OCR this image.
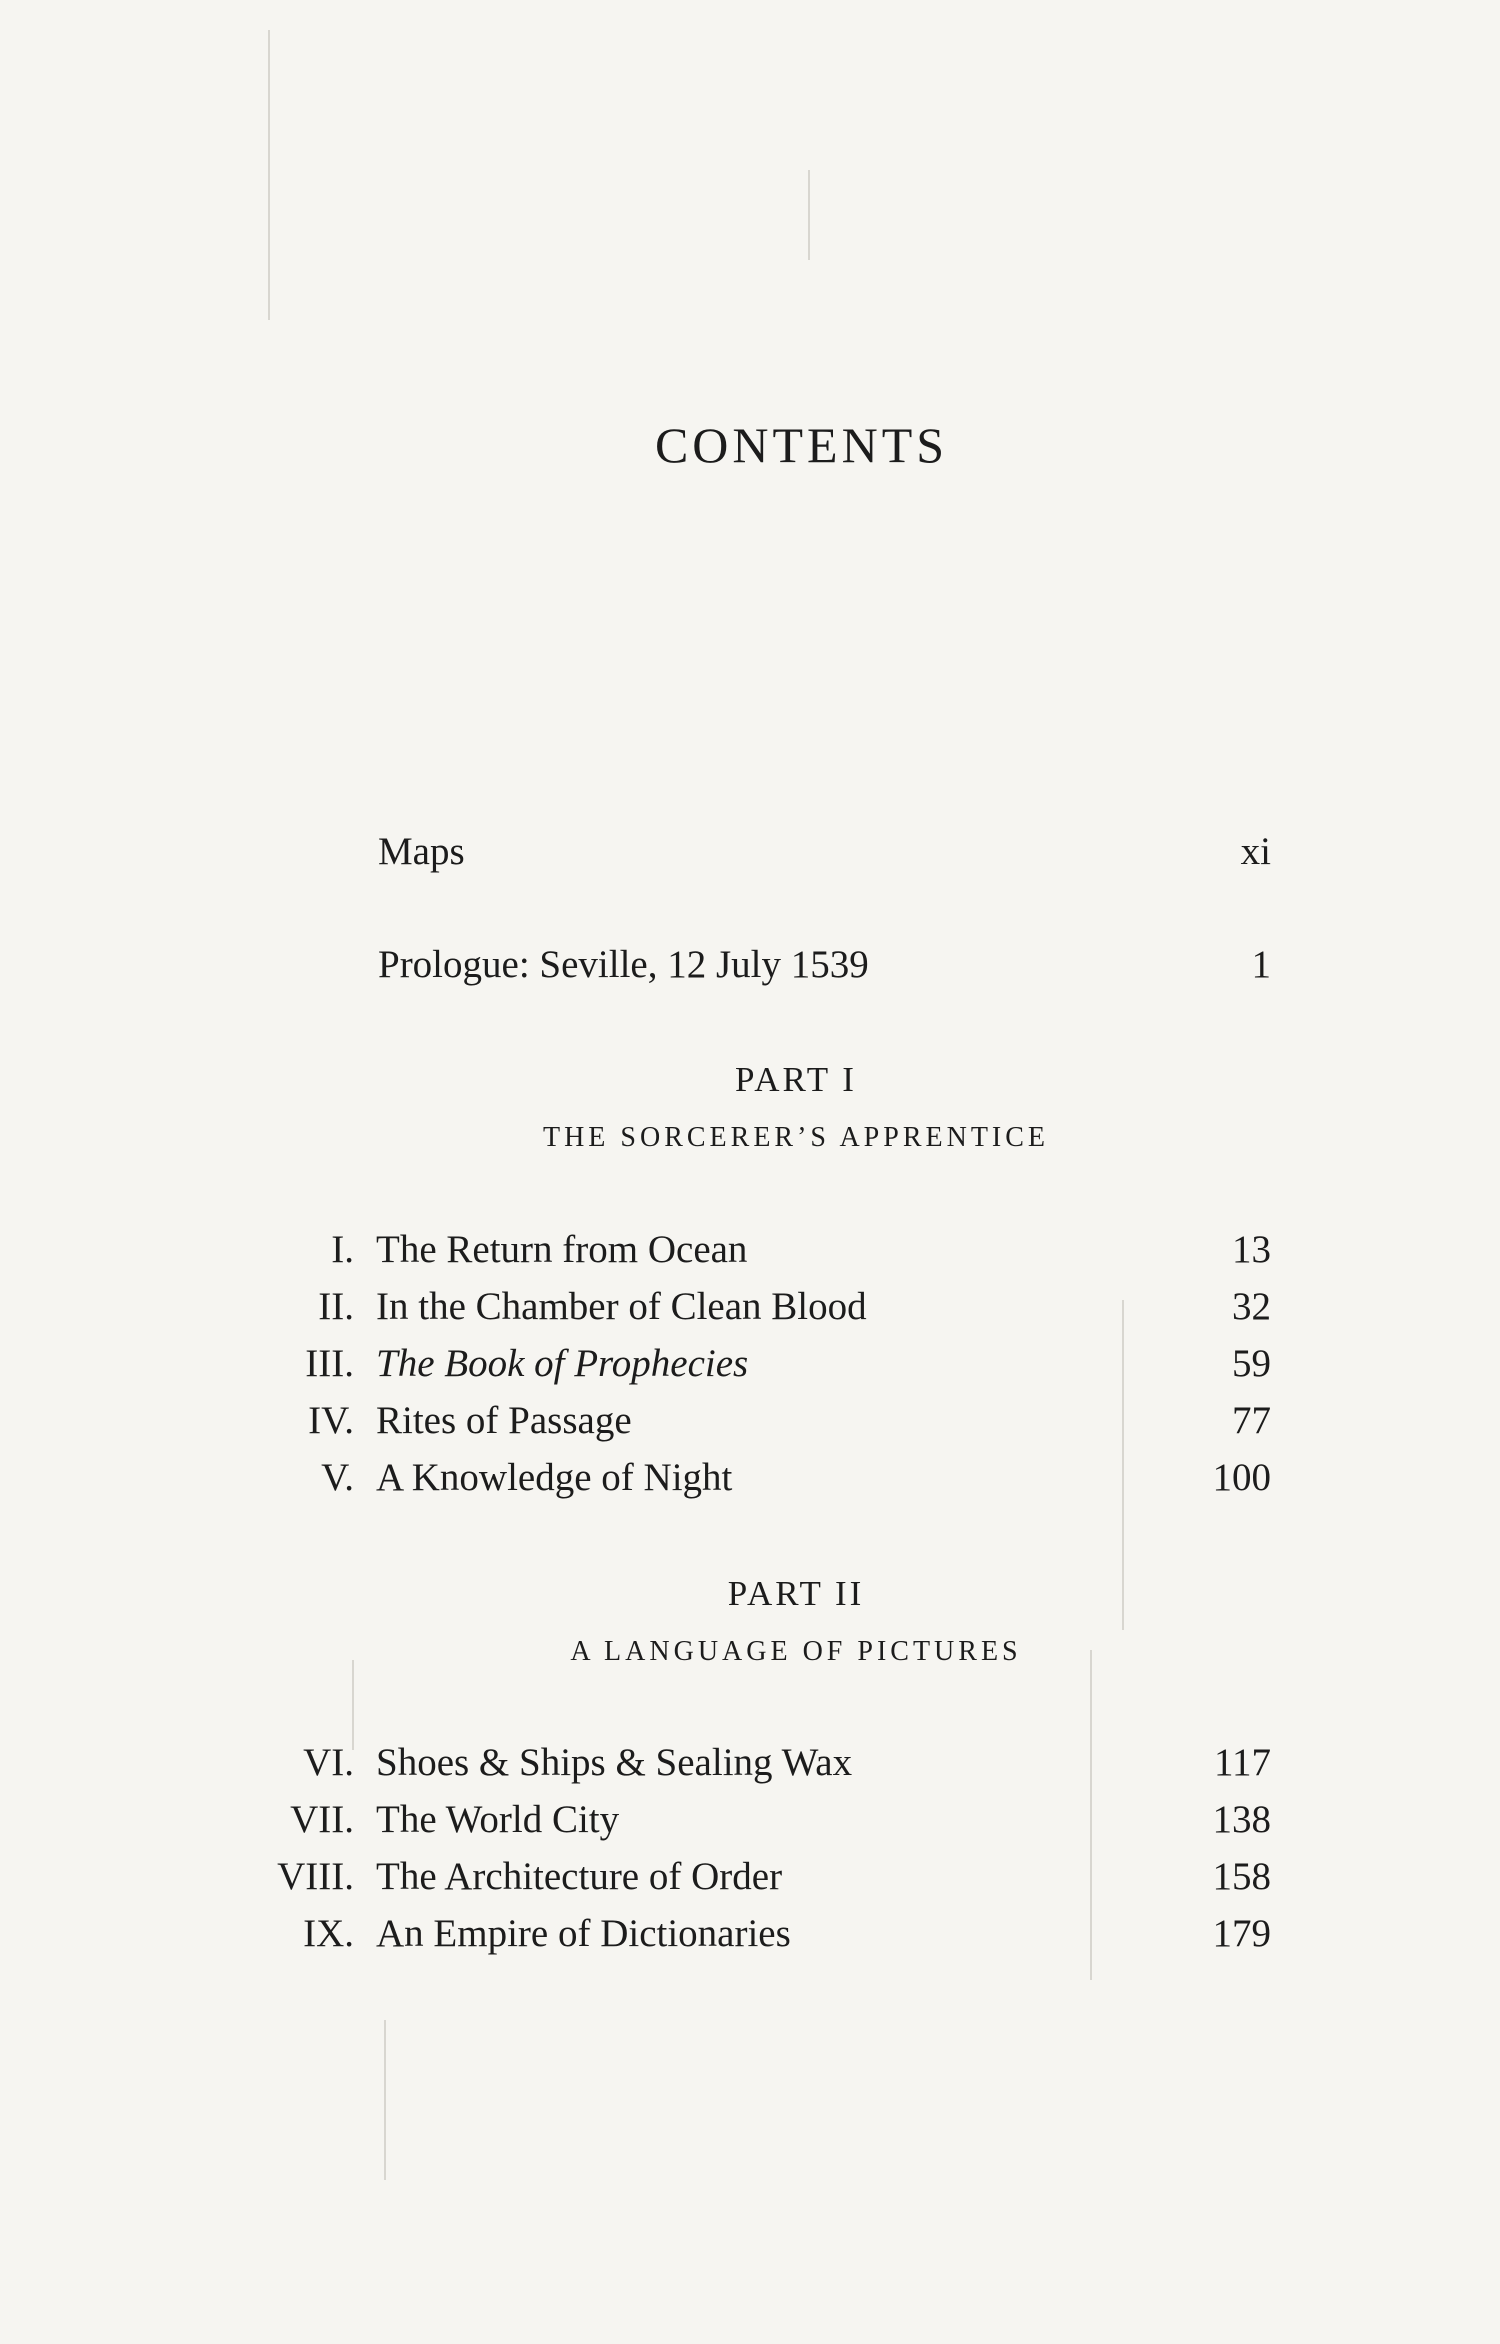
CONTENTS
Maps	xi
Prologue: Seville, 12 July 1539	1
PART I
THE SORCERER’S APPRENTICE
I. The Return from Ocean	13
II. In the Chamber of Clean Blood	32
III. The Book of Prophecies	59
IV. Rites of Passage	77
V. A Knowledge of Night	100
PART II
A LANGUAGE OF PICTURES
VI. Shoes & Ships & Sealing Wax	117
VII. The World City	138
VIII. The Architecture of Order	158
IX. An Empire of Dictionaries	179
